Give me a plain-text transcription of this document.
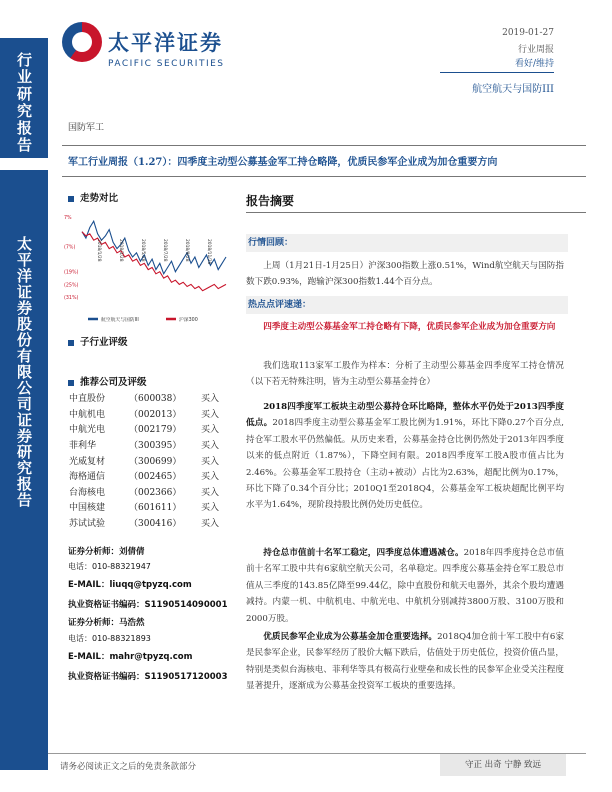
行业研究报告
太平洋证券股份有限公司证券研究报告
太平洋证券
PACIFIC SECURITIES
2019-01-27
行业周报
看好/维持
航空航天与国防III
国防军工
军工行业周报（1.27）：四季度主动型公募基金军工持仓略降，优质民参军企业成为加仓重要方向
走势对比
7%
(7%)
(19%)
(25%)
(31%)
2018/1/28	2018/3/28	2018/5/28	2018/7/28	2018/9/28	2018/11/28
航空航天与国防III	沪深300
子行业评级
推荐公司及评级
中直股份	（600038）	买入
中航机电	（002013）	买入
中航光电	（002179）	买入
菲利华	（300395）	买入
光威复材	（300699）	买入
海格通信	（002465）	买入
台海核电	（002366）	买入
中国核建	（601611）	买入
苏试试验	（300416）	买入
证券分析师：刘倩倩
电话：010-88321947
E-MAIL：liuqq@tpyzq.com
执业资格证书编码：S1190514090001
证券分析师：马浩然
电话：010-88321893
E-MAIL：mahr@tpyzq.com
执业资格证书编码：S1190517120003
报告摘要
行情回顾：
上周（1月21日-1月25日）沪深300指数上涨0.51%，Wind航空航天与国防指数下跌0.93%，跑输沪深300指数1.44个百分点。
热点点评速递：
四季度主动型公募基金军工持仓略有下降，优质民参军企业成为加仓重要方向
我们选取113家军工股作为样本：分析了主动型公募基金四季度军工持仓情况（以下若无特殊注明，皆为主动型公募基金持仓）
2018四季度军工板块主动型公募持仓环比略降，整体水平仍处于2013四季度低点。2018四季度主动型公募基金军工股比例为1.91%，环比下降0.27个百分点,持仓军工股水平仍然偏低。从历史来看，公募基金持仓比例仍然处于2013年四季度以来的低点附近（1.87%），下降空间有限。2018四季度军工股A股市值占比为2.46%。公募基金军工股持仓（主动+被动）占比为2.63%，超配比例为0.17%，环比下降了0.34个百分比；2010Q1至2018Q4，公募基金军工板块超配比例平均水平为1.64%，现阶段持股比例仍处历史低位。
持仓总市值前十名军工稳定，四季度总体遭遇减仓。2018年四季度持仓总市值前十名军工股中共有6家航空航天公司，名单稳定。四季度公募基金持仓军工股总市值从三季度的143.85亿降至99.44亿，除中直股份和航天电器外，其余个股均遭遇减持。内蒙一机、中航机电、中航光电、中航机分别减持3800万股、3100万股和2000万股。
优质民参军企业成为公募基金加仓重要选择。2018Q4加仓前十军工股中有6家是民参军企业，民参军经历了股价大幅下跌后，估值处于历史低位，投资价值凸显，特别是类似台海核电、菲利华等具有极高行业壁垒和成长性的民参军企业受关注程度显著提升，逐渐成为公募基金投资军工板块的重要选择。
请务必阅读正文之后的免责条款部分	守正 出奇 宁静 致远
